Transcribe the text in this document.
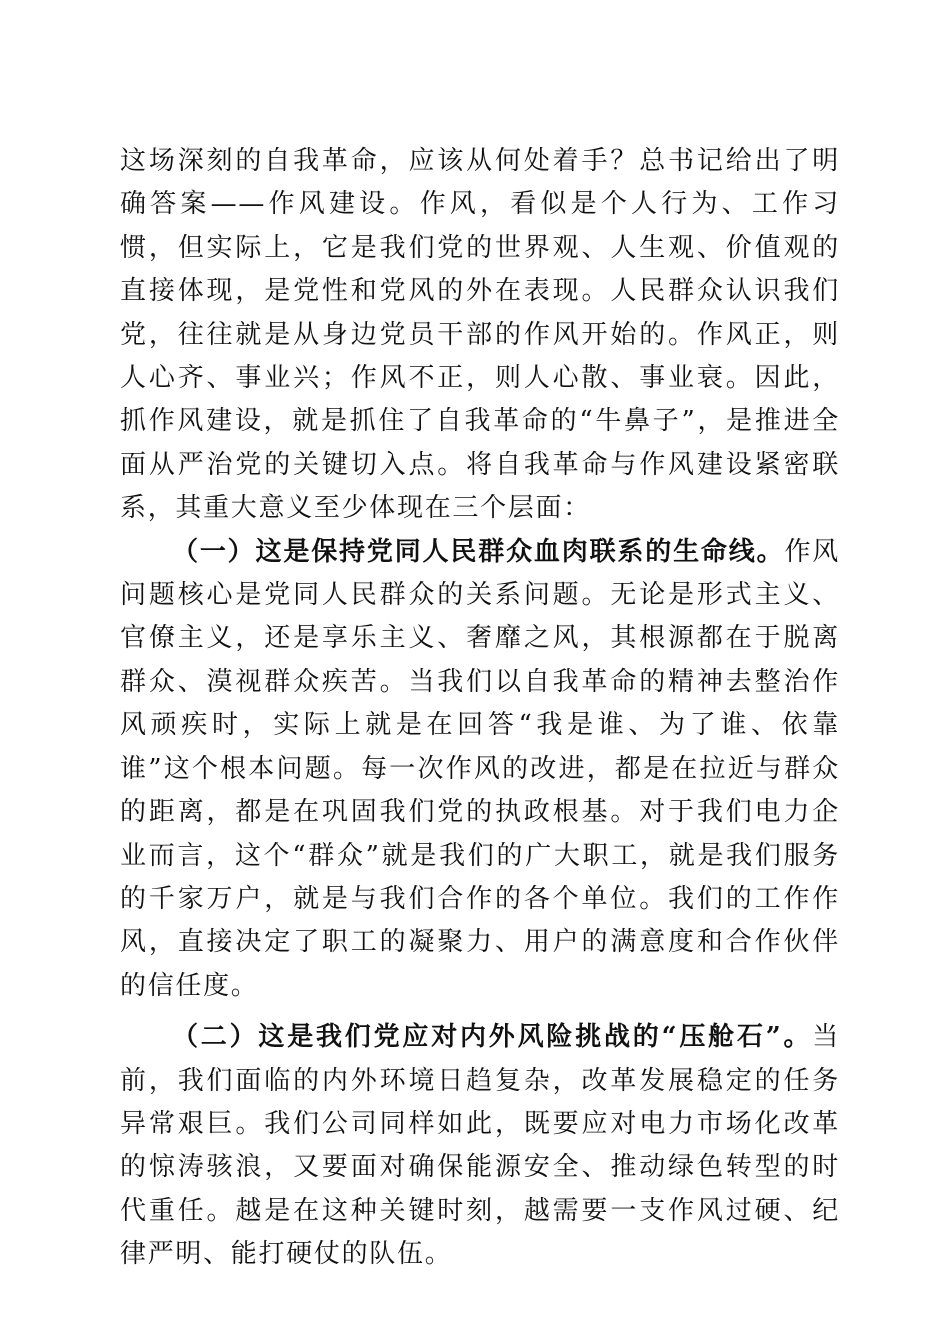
这场深刻的自我革命，应该从何处着手？总书记给出了明确答案——作风建设。作风，看似是个人行为、工作习惯，但实际上，它是我们党的世界观、人生观、价值观的直接体现，是党性和党风的外在表现。人民群众认识我们党，往往就是从身边党员干部的作风开始的。作风正，则人心齐、事业兴；作风不正，则人心散、事业衰。因此，抓作风建设，就是抓住了自我革命的“牛鼻子”，是推进全面从严治党的关键切入点。将自我革命与作风建设紧密联系，其重大意义至少体现在三个层面：

（一）这是保持党同人民群众血肉联系的生命线。作风问题核心是党同人民群众的关系问题。无论是形式主义、官僚主义，还是享乐主义、奢靡之风，其根源都在于脱离群众、漠视群众疾苦。当我们以自我革命的精神去整治作风顽疾时，实际上就是在回答“我是谁、为了谁、依靠谁”这个根本问题。每一次作风的改进，都是在拉近与群众的距离，都是在巩固我们党的执政根基。对于我们电力企业而言，这个“群众”就是我们的广大职工，就是我们服务的千家万户，就是与我们合作的各个单位。我们的工作作风，直接决定了职工的凝聚力、用户的满意度和合作伙伴的信任度。

（二）这是我们党应对内外风险挑战的“压舱石”。当前，我们面临的内外环境日趋复杂，改革发展稳定的任务异常艰巨。我们公司同样如此，既要应对电力市场化改革的惊涛骇浪，又要面对确保能源安全、推动绿色转型的时代重任。越是在这种关键时刻，越需要一支作风过硬、纪律严明、能打硬仗的队伍。
